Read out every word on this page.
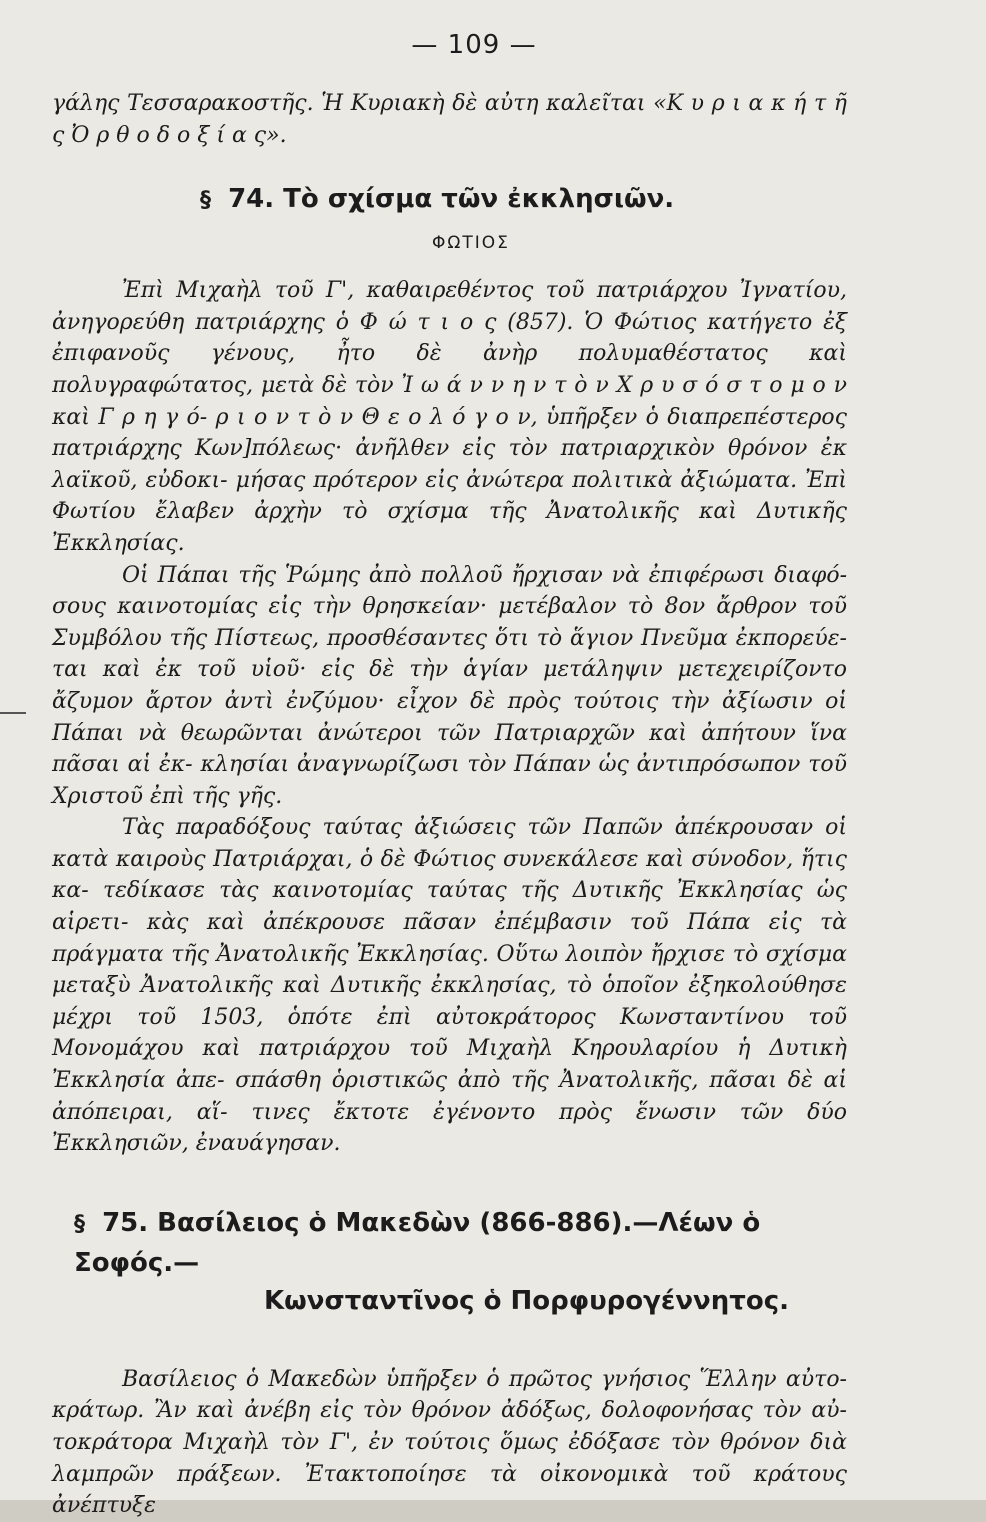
— 109 —

γάλης Τεσσαρακοστῆς. Ἡ Κυριακὴ δὲ αὐτη καλεῖται «Κ υ ρ ι α κ ή τ ῆ ς Ὀ ρ θ ο δ ο ξ ί α ς».

§ 74. Τὸ σχίσμα τῶν ἐκκλησιῶν.
ΦΩΤΙΟΣ

Ἐπὶ Μιχαὴλ τοῦ Γ', καθαιρεθέντος τοῦ πατριάρχου Ἰγνατίου, ἀνηγορεύθη πατριάρχης ὁ Φ ώ τ ι ο ς (857). Ὁ Φώτιος κατήγετο ἐξ ἐπιφανοῦς γένους, ἦτο δὲ ἀνὴρ πολυμαθέστατος καὶ πολυγραφώτατος, μετὰ δὲ τὸν Ἰ ω ά ν ν η ν τ ὸ ν Χ ρ υ σ ό σ τ ο μ ο ν καὶ Γ ρ η γ ό- ρ ι ο ν τ ὸ ν Θ ε ο λ ό γ ο ν, ὑπῆρξεν ὁ διαπρεπέστερος πατριάρχης Κων]πόλεως· ἀνῆλθεν εἰς τὸν πατριαρχικὸν θρόνον ἐκ λαϊκοῦ, εὐδοκι- μήσας πρότερον εἰς ἀνώτερα πολιτικὰ ἀξιώματα. Ἐπὶ Φωτίου ἔλαβεν ἀρχὴν τὸ σχίσμα τῆς Ἀνατολικῆς καὶ Δυτικῆς Ἐκκλησίας.

Οἱ Πάπαι τῆς Ῥώμης ἀπὸ πολλοῦ ἤρχισαν νὰ ἐπιφέρωσι διαφό- σους καινοτομίας εἰς τὴν θρησκείαν· μετέβαλον τὸ 8ον ἄρθρον τοῦ Συμβόλου τῆς Πίστεως, προσθέσαντες ὅτι τὸ ἅγιον Πνεῦμα ἐκπορεύε- ται καὶ ἐκ τοῦ υἱοῦ· εἰς δὲ τὴν ἁγίαν μετάληψιν μετεχειρίζοντο ἄζυμον ἄρτον ἀντὶ ἐνζύμου· εἶχον δὲ πρὸς τούτοις τὴν ἀξίωσιν οἱ Πάπαι νὰ θεωρῶνται ἀνώτεροι τῶν Πατριαρχῶν καὶ ἀπήτουν ἵνα πᾶσαι αἱ ἐκ- κλησίαι ἀναγνωρίζωσι τὸν Πάπαν ὡς ἀντιπρόσωπον τοῦ Χριστοῦ ἐπὶ τῆς γῆς.

Τὰς παραδόξους ταύτας ἀξιώσεις τῶν Παπῶν ἀπέκρουσαν οἱ κατὰ καιροὺς Πατριάρχαι, ὁ δὲ Φώτιος συνεκάλεσε καὶ σύνοδον, ἥτις κα- τεδίκασε τὰς καινοτομίας ταύτας τῆς Δυτικῆς Ἐκκλησίας ὡς αἱρετι- κὰς καὶ ἀπέκρουσε πᾶσαν ἐπέμβασιν τοῦ Πάπα εἰς τὰ πράγματα τῆς Ἀνατολικῆς Ἐκκλησίας. Οὕτω λοιπὸν ἤρχισε τὸ σχίσμα μεταξὺ Ἀνατολικῆς καὶ Δυτικῆς ἐκκλησίας, τὸ ὁποῖον ἐξηκολούθησε μέχρι τοῦ 1503, ὁπότε ἐπὶ αὐτοκράτορος Κωνσταντίνου τοῦ Μονομάχου καὶ πατριάρχου τοῦ Μιχαὴλ Κηρουλαρίου ἡ Δυτικὴ Ἐκκλησία ἀπε- σπάσθη ὁριστικῶς ἀπὸ τῆς Ἀνατολικῆς, πᾶσαι δὲ αἱ ἀπόπειραι, αἵ- τινες ἔκτοτε ἐγένοντο πρὸς ἕνωσιν τῶν δύο Ἐκκλησιῶν, ἐναυάγησαν.

§ 75. Βασίλειος ὁ Μακεδὼν (866-886).—Λέων ὁ Σοφός.—
Κωνσταντῖνος ὁ Πορφυρογέννητος.

Βασίλειος ὁ Μακεδὼν ὑπῆρξεν ὁ πρῶτος γνήσιος Ἕλλην αὐτο- κράτωρ. Ἂν καὶ ἀνέβη εἰς τὸν θρόνον ἀδόξως, δολοφονήσας τὸν αὐ- τοκράτορα Μιχαὴλ τὸν Γ', ἐν τούτοις ὅμως ἐδόξασε τὸν θρόνον διὰ λαμπρῶν πράξεων. Ἐτακτοποίησε τὰ οἰκονομικὰ τοῦ κράτους ἀνέπτυξε
